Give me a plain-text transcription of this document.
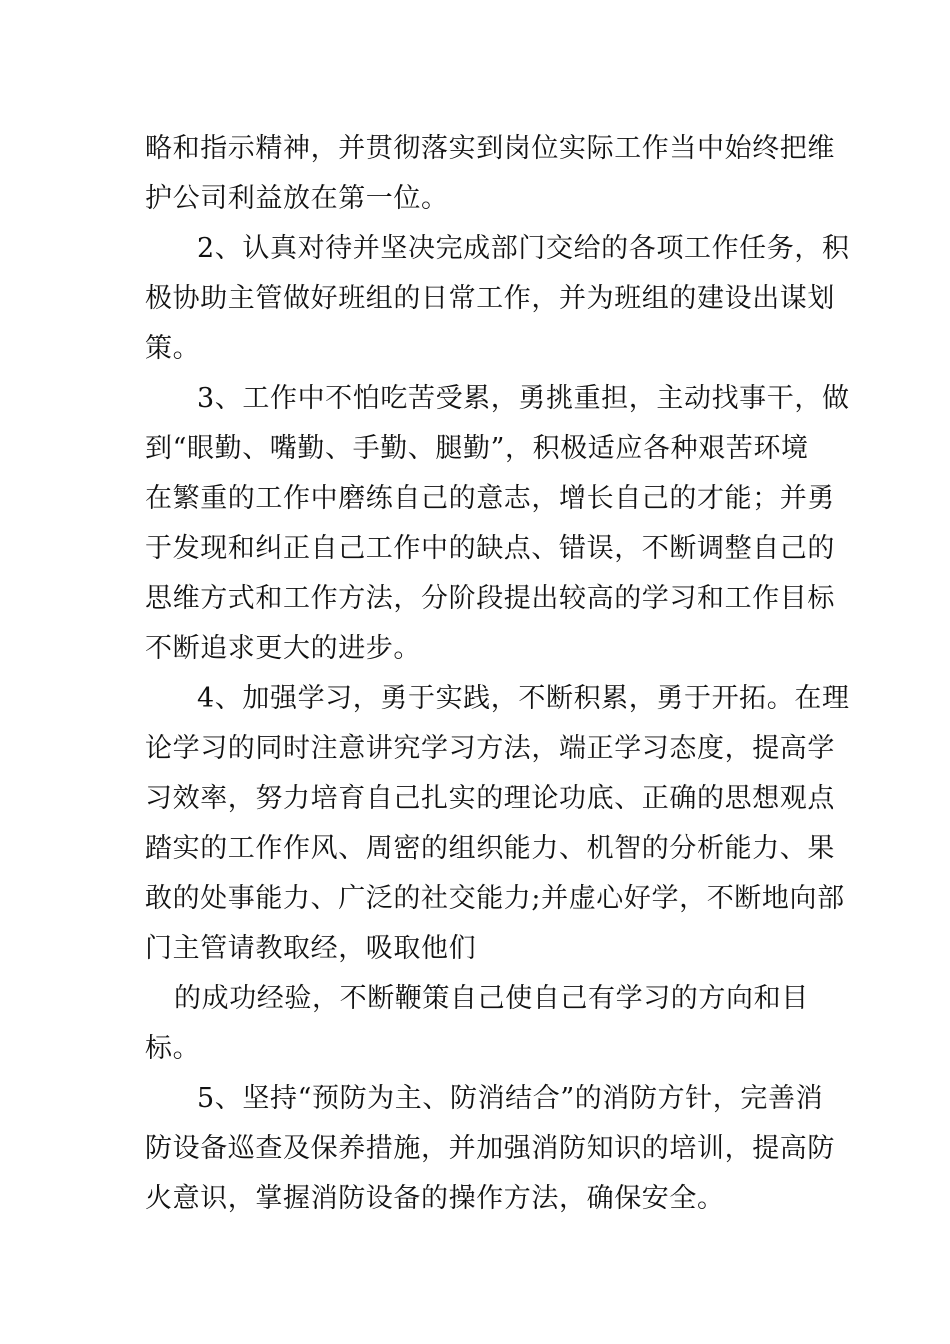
略和指示精神，并贯彻落实到岗位实际工作当中始终把维
护公司利益放在第一位。
2、认真对待并坚决完成部门交给的各项工作任务，积
极协助主管做好班组的日常工作，并为班组的建设出谋划
策。
3、工作中不怕吃苦受累，勇挑重担，主动找事干，做
到“眼勤、嘴勤、手勤、腿勤”，积极适应各种艰苦环境
在繁重的工作中磨练自己的意志，增长自己的才能；并勇
于发现和纠正自己工作中的缺点、错误，不断调整自己的
思维方式和工作方法，分阶段提出较高的学习和工作目标
不断追求更大的进步。
4、加强学习，勇于实践，不断积累，勇于开拓。在理
论学习的同时注意讲究学习方法，端正学习态度，提高学
习效率，努力培育自己扎实的理论功底、正确的思想观点
踏实的工作作风、周密的组织能力、机智的分析能力、果
敢的处事能力、广泛的社交能力;并虚心好学，不断地向部
门主管请教取经，吸取他们
的成功经验，不断鞭策自己使自己有学习的方向和目
标。
5、坚持“预防为主、防消结合”的消防方针，完善消
防设备巡查及保养措施，并加强消防知识的培训，提高防
火意识，掌握消防设备的操作方法，确保安全。
